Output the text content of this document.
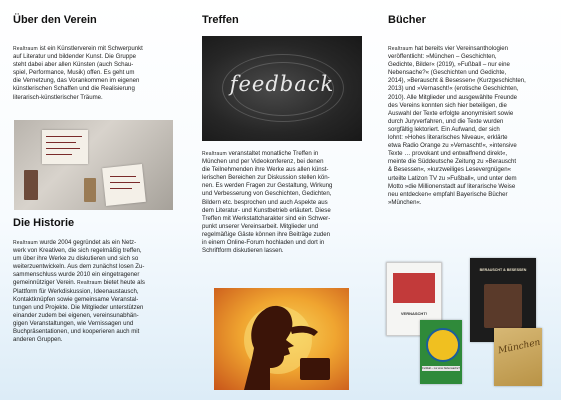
Über den Verein

Realtraum ist ein Künstlerverein mit Schwerpunkt
auf Literatur und bildender Kunst. Die Gruppe
steht dabei aber allen Künsten (auch Schau-
spiel, Performance, Musik) offen. Es geht um
die Vernetzung, das Vorankommen im eigenen
künstlerischen Schaffen und die Realisierung
literarisch-künstlerischer Träume.

Die Historie

Realtraum wurde 2004 gegründet als ein Netz-
werk von Kreativen, die sich regelmäßig treffen,
um über ihre Werke zu diskutieren und sich so
weiterzuentwickeln. Aus dem zunächst losen Zu-
sammenschluss wurde 2010 ein eingetragener
gemeinnütziger Verein. Realtraum bietet heute als
Plattform für Werkdiskussion, Ideenaustausch,
Kontaktknüpfen sowie gemeinsame Veranstal-
tungen und Projekte. Die Mitglieder unterstützen
einander zudem bei eigenen, vereinsunabhän-
gigen Veranstaltungen, wie Vernissagen und
Buchpräsentationen, und kooperieren auch mit
anderen Gruppen.

Treffen
feedback

Realtraum veranstaltet monatliche Treffen in
München und per Videokonferenz, bei denen
die Teilnehmenden ihre Werke aus allen künst-
lerischen Bereichen zur Diskussion stellen kön-
nen. Es werden Fragen zur Gestaltung, Wirkung
und Verbesserung von Geschichten, Gedichten,
Bildern etc. besprochen und auch Aspekte aus
dem Literatur- und Kunstbetrieb erläutert. Diese
Treffen mit Werkstattcharakter sind ein Schwer-
punkt unserer Vereinsarbeit. Mitglieder und
regelmäßige Gäste können ihre Beiträge zuden
in einem Online-Forum hochladen und dort in
Schriftform diskutieren lassen.

Bücher

Realtraum hat bereits vier Vereinsanthologien
veröffentlicht: »München – Geschichten,
Gedichte, Bilder« (2019), »Fußball – nur eine
Nebensache?« (Geschichten und Gedichte,
2014), »Berauscht & Besessen« (Kurzgeschichten,
2013) und »Vernascht!« (erotische Geschichten,
2010). Alle Mitglieder und ausgewählte Freunde
des Vereins konnten sich hier beteiligen, die
Auswahl der Texte erfolgte anonymisiert sowie
durch Juryverfahren, und die Texte wurden
sorgfältig lektoriert. Ein Aufwand, der sich
lohnt: »Hohes literarisches Niveau«, erklärte
etwa Radio Orange zu »Vernascht!«, »intensive
Texte … provokant und entwaffnend direkt«,
meinte die Süddeutsche Zeitung zu »Berauscht
& Besessen«, »kurzweiliges Lesevergnügen«
urteilte Latizon TV zu »Fußball«, und unter dem
Motto »die Millionenstadt auf literarische Weise
neu entdecken« empfahl Bayerische Bücher
»München«.

VERNASCHT!
BERAUSCHT & BESESSEN
Fußball – nur eine Nebensache?
München
